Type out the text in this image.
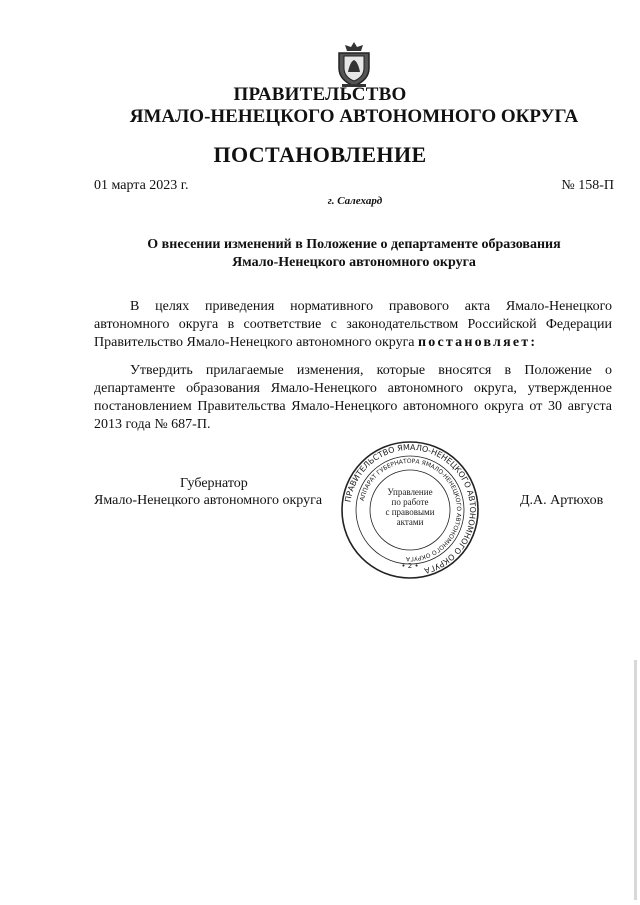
ПРАВИТЕЛЬСТВО
ЯМАЛО-НЕНЕЦКОГО АВТОНОМНОГО ОКРУГА
ПОСТАНОВЛЕНИЕ
01 марта 2023 г.	№ 158-П
г. Салехард
О внесении изменений в Положение о департаменте образования
Ямало-Ненецкого автономного округа
В целях приведения нормативного правового акта Ямало-Ненецкого автономного округа в соответствие с законодательством Российской Федерации Правительство Ямало-Ненецкого автономного округа постановляет:
Утвердить прилагаемые изменения, которые вносятся в Положение о департаменте образования Ямало-Ненецкого автономного округа, утвержденное постановлением Правительства Ямало-Ненецкого автономного округа от 30 августа 2013 года № 687-П.
Губернатор
Ямало-Ненецкого автономного округа	Д.А. Артюхов
ПРАВИТЕЛЬСТВО ЯМАЛО-НЕНЕЦКОГО АВТОНОМНОГО ОКРУГА
АППАРАТ ГУБЕРНАТОРА ЯМАЛО-НЕНЕЦКОГО АВТОНОМНОГО ОКРУГА
• 2 •
Управление
по работе
с правовыми
актами
